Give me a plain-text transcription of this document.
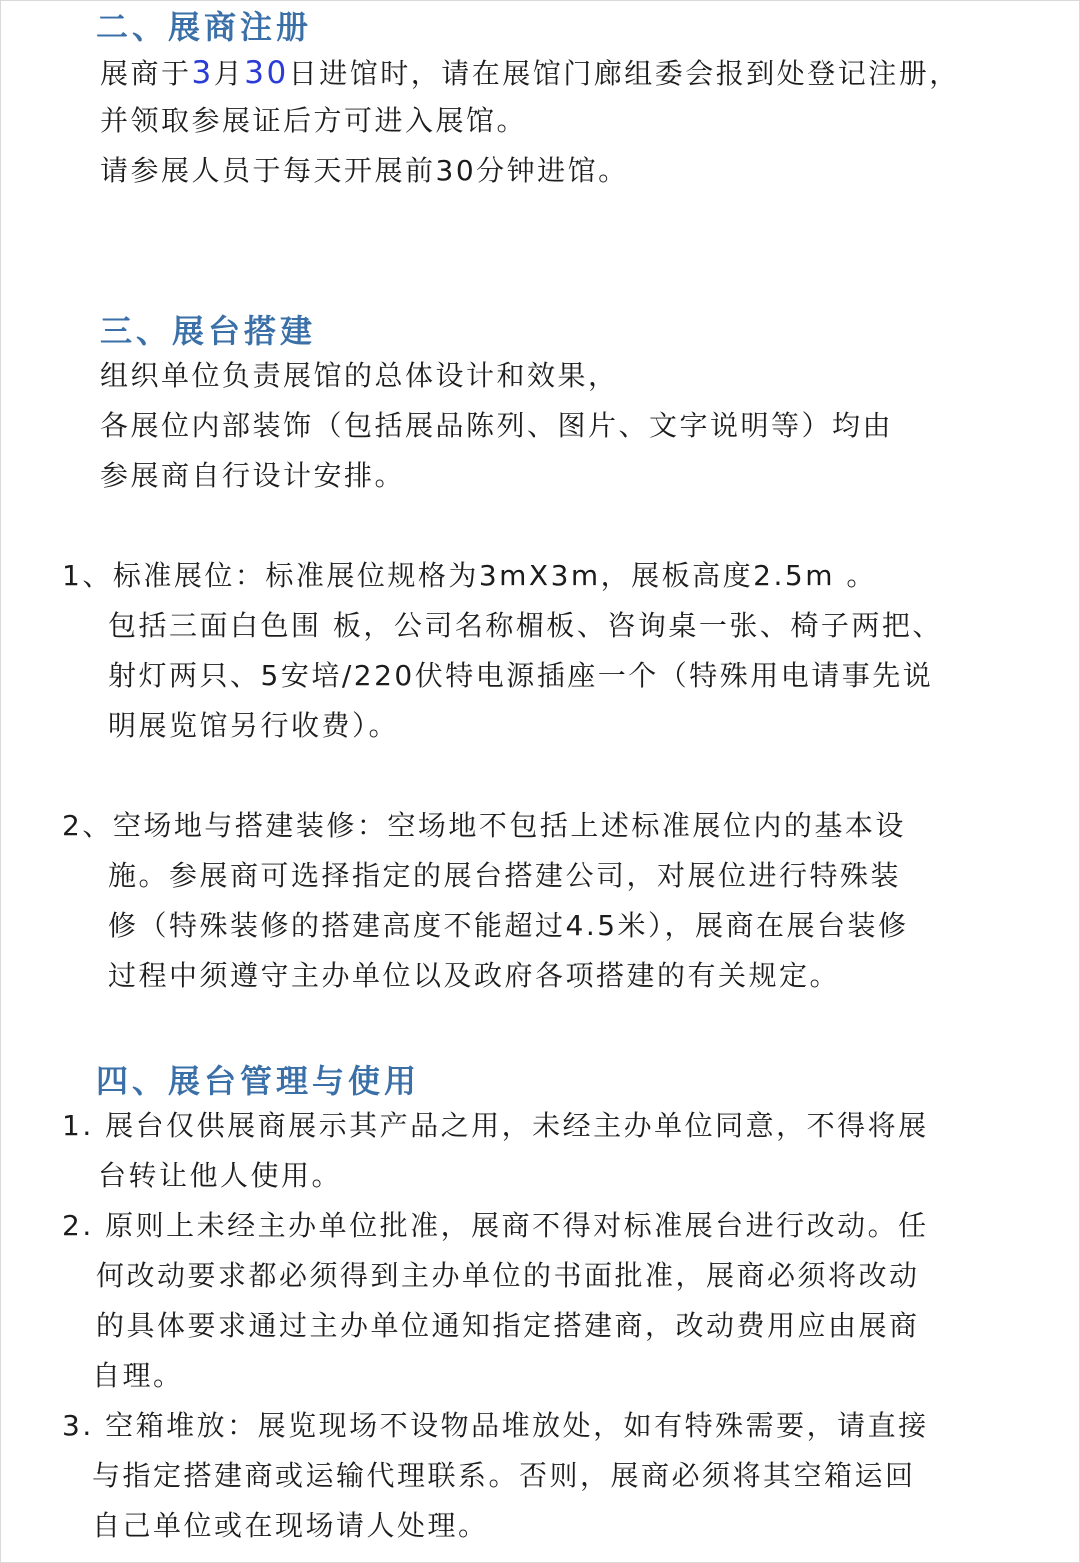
二、展商注册
展商于3月30日进馆时，请在展馆门廊组委会报到处登记注册，
并领取参展证后方可进入展馆。
请参展人员于每天开展前30分钟进馆。
三、展台搭建
组织单位负责展馆的总体设计和效果，
各展位内部装饰（包括展品陈列、图片、文字说明等）均由
参展商自行设计安排。
1、标准展位：标准展位规格为3mX3m，展板高度2.5m 。
包括三面白色围 板，公司名称楣板、咨询桌一张、椅子两把、
射灯两只、5安培/220伏特电源插座一个（特殊用电请事先说
明展览馆另行收费）。
2、空场地与搭建装修：空场地不包括上述标准展位内的基本设
施。参展商可选择指定的展台搭建公司，对展位进行特殊装
修（特殊装修的搭建高度不能超过4.5米），展商在展台装修
过程中须遵守主办单位以及政府各项搭建的有关规定。
四、展台管理与使用
1. 展台仅供展商展示其产品之用，未经主办单位同意，不得将展
台转让他人使用。
2. 原则上未经主办单位批准，展商不得对标准展台进行改动。任
何改动要求都必须得到主办单位的书面批准，展商必须将改动
的具体要求通过主办单位通知指定搭建商，改动费用应由展商
自理。
3. 空箱堆放：展览现场不设物品堆放处，如有特殊需要，请直接
与指定搭建商或运输代理联系。否则，展商必须将其空箱运回
自己单位或在现场请人处理。
